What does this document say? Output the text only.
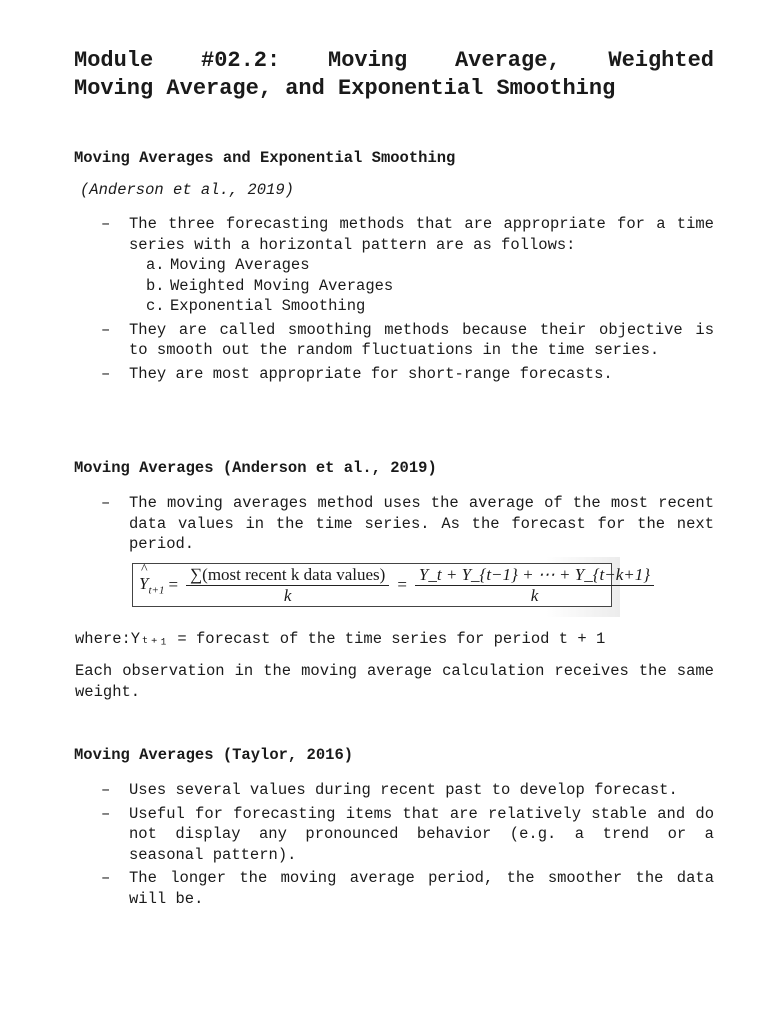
Module #02.2: Moving Average, Weighted
Moving Average, and Exponential Smoothing

Moving Averages and Exponential Smoothing

(Anderson et al., 2019)

– The three forecasting methods that are appropriate for a time series with a horizontal pattern are as follows:
a. Moving Averages
b. Weighted Moving Averages
c. Exponential Smoothing
– They are called smoothing methods because their objective is to smooth out the random fluctuations in the time series.
– They are most appropriate for short-range forecasts.

Moving Averages (Anderson et al., 2019)

– The moving averages method uses the average of the most recent data values in the time series. As the forecast for the next period.
^ $Y_{t+1} = \frac{\text{∑(most recent k data values)}}{k} = \frac{Y\_t + Y\_\{t-1\} + \cdots + Y\_\{t-k+1\}}{k}$

where:Yₜ₊₁ = forecast of the time series for period t + 1

Each observation in the moving average calculation receives the same weight.

Moving Averages (Taylor, 2016)

– Uses several values during recent past to develop forecast.
– Useful for forecasting items that are relatively stable and do not display any pronounced behavior (e.g. a trend or a seasonal pattern).
– The longer the moving average period, the smoother the data will be.
